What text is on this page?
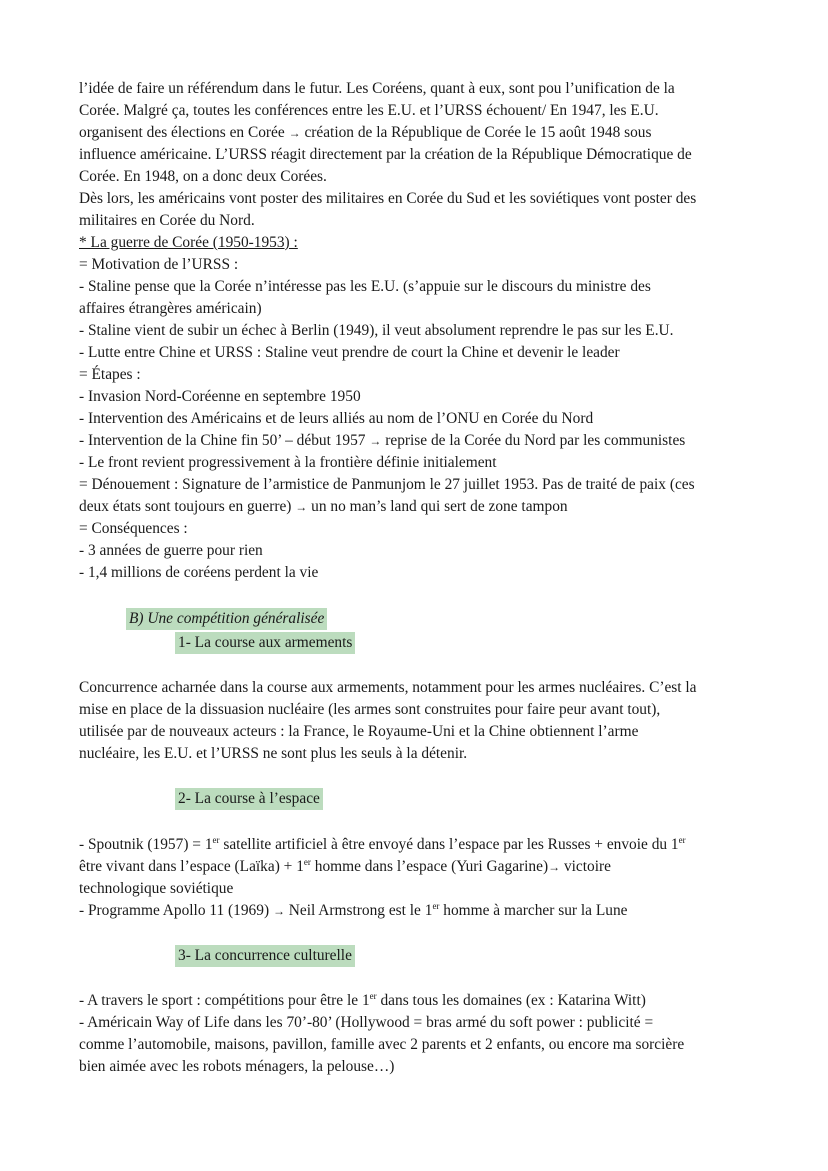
l’idée de faire un référendum dans le futur. Les Coréens, quant à eux, sont pou l’unification de la
Corée. Malgré ça, toutes les conférences entre les E.U. et l’URSS échouent/ En 1947, les E.U.
organisent des élections en Corée → création de la République de Corée le 15 août 1948 sous
influence américaine. L’URSS réagit directement par la création de la République Démocratique de
Corée. En 1948, on a donc deux Corées.
Dès lors, les américains vont poster des militaires en Corée du Sud et les soviétiques vont poster des
militaires en Corée du Nord.
* La guerre de Corée (1950-1953) :
= Motivation de l’URSS :
- Staline pense que la Corée n’intéresse pas les E.U. (s’appuie sur le discours du ministre des
affaires étrangères américain)
- Staline vient de subir un échec à Berlin (1949), il veut absolument reprendre le pas sur les E.U.
- Lutte entre Chine et URSS : Staline veut prendre de court la Chine et devenir le leader
= Étapes :
- Invasion Nord-Coréenne en septembre 1950
- Intervention des Américains et de leurs alliés au nom de l’ONU en Corée du Nord
- Intervention de la Chine fin 50’ – début 1957 → reprise de la Corée du Nord par les communistes
- Le front revient progressivement à la frontière définie initialement
= Dénouement : Signature de l’armistice de Panmunjom le 27 juillet 1953. Pas de traité de paix (ces
deux états sont toujours en guerre) → un no man’s land qui sert de zone tampon
= Conséquences :
- 3 années de guerre pour rien
- 1,4 millions de coréens perdent la vie
B) Une compétition généralisée
1- La course aux armements
Concurrence acharnée dans la course aux armements, notamment pour les armes nucléaires. C’est la
mise en place de la dissuasion nucléaire (les armes sont construites pour faire peur avant tout),
utilisée par de nouveaux acteurs : la France, le Royaume-Uni et la Chine obtiennent l’arme
nucléaire, les E.U. et l’URSS ne sont plus les seuls à la détenir.
2- La course à l’espace
- Spoutnik (1957) = 1er satellite artificiel à être envoyé dans l’espace par les Russes + envoie du 1er
être vivant dans l’espace (Laïka) + 1er homme dans l’espace (Yuri Gagarine)→ victoire
technologique soviétique
- Programme Apollo 11 (1969) → Neil Armstrong est le 1er homme à marcher sur la Lune
3- La concurrence culturelle
- A travers le sport : compétitions pour être le 1er dans tous les domaines (ex : Katarina Witt)
- Américain Way of Life dans les 70’-80’ (Hollywood = bras armé du soft power : publicité =
comme l’automobile, maisons, pavillon, famille avec 2 parents et 2 enfants, ou encore ma sorcière
bien aimée avec les robots ménagers, la pelouse…)
